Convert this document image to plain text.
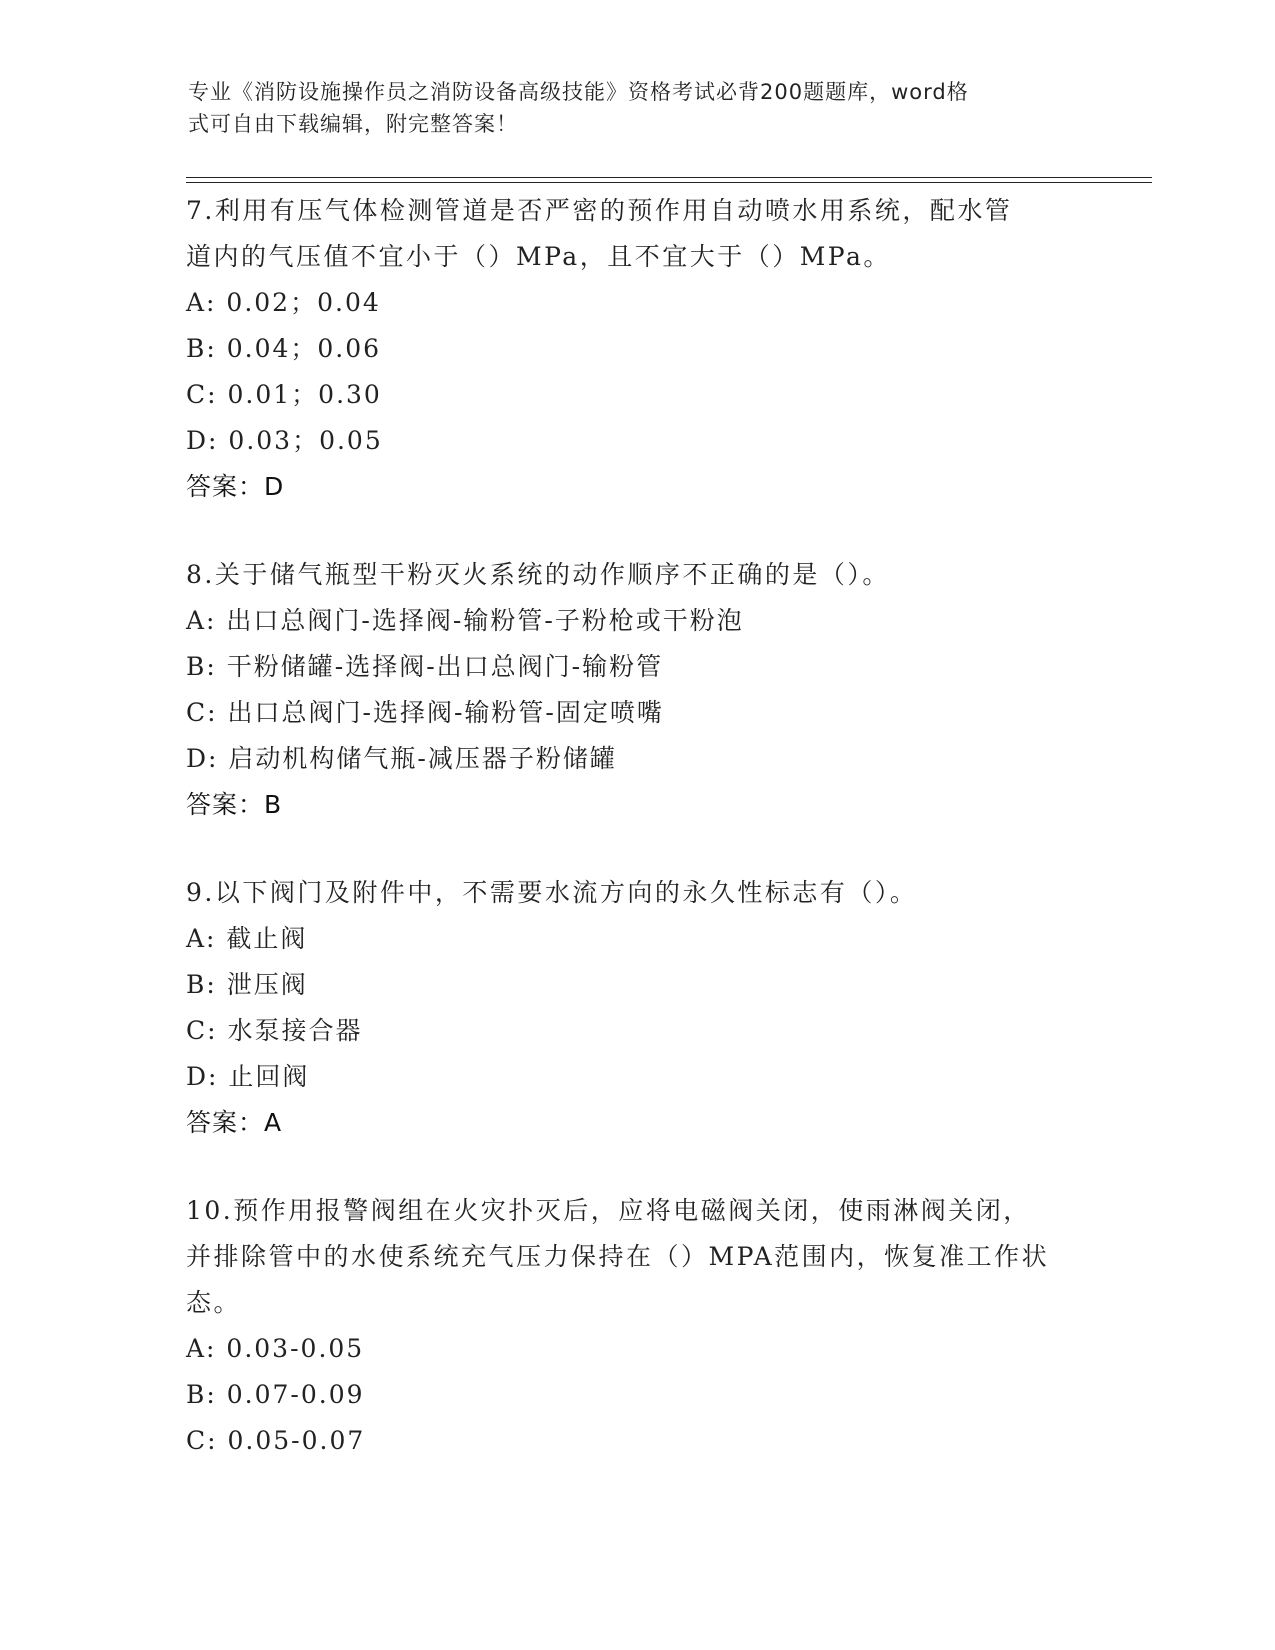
专业《消防设施操作员之消防设备高级技能》资格考试必背200题题库，word格
式可自由下载编辑，附完整答案！

7.利用有压气体检测管道是否严密的预作用自动喷水用系统，配水管

道内的气压值不宜小于（）MPa，且不宜大于（）MPa。

A: 0.02；0.04

B: 0.04；0.06

C: 0.01；0.30

D: 0.03；0.05

答案：D

8.关于储气瓶型干粉灭火系统的动作顺序不正确的是（）。

A: 出口总阀门-选择阀-输粉管-子粉枪或干粉泡

B: 干粉储罐-选择阀-出口总阀门-输粉管

C: 出口总阀门-选择阀-输粉管-固定喷嘴

D: 启动机构储气瓶-减压器子粉储罐

答案：B

9.以下阀门及附件中，不需要水流方向的永久性标志有（）。

A: 截止阀

B: 泄压阀

C: 水泵接合器

D: 止回阀

答案：A

10.预作用报警阀组在火灾扑灭后，应将电磁阀关闭，使雨淋阀关闭，

并排除管中的水使系统充气压力保持在（）MPA范围内，恢复准工作状

态。

A: 0.03-0.05

B: 0.07-0.09

C: 0.05-0.07
